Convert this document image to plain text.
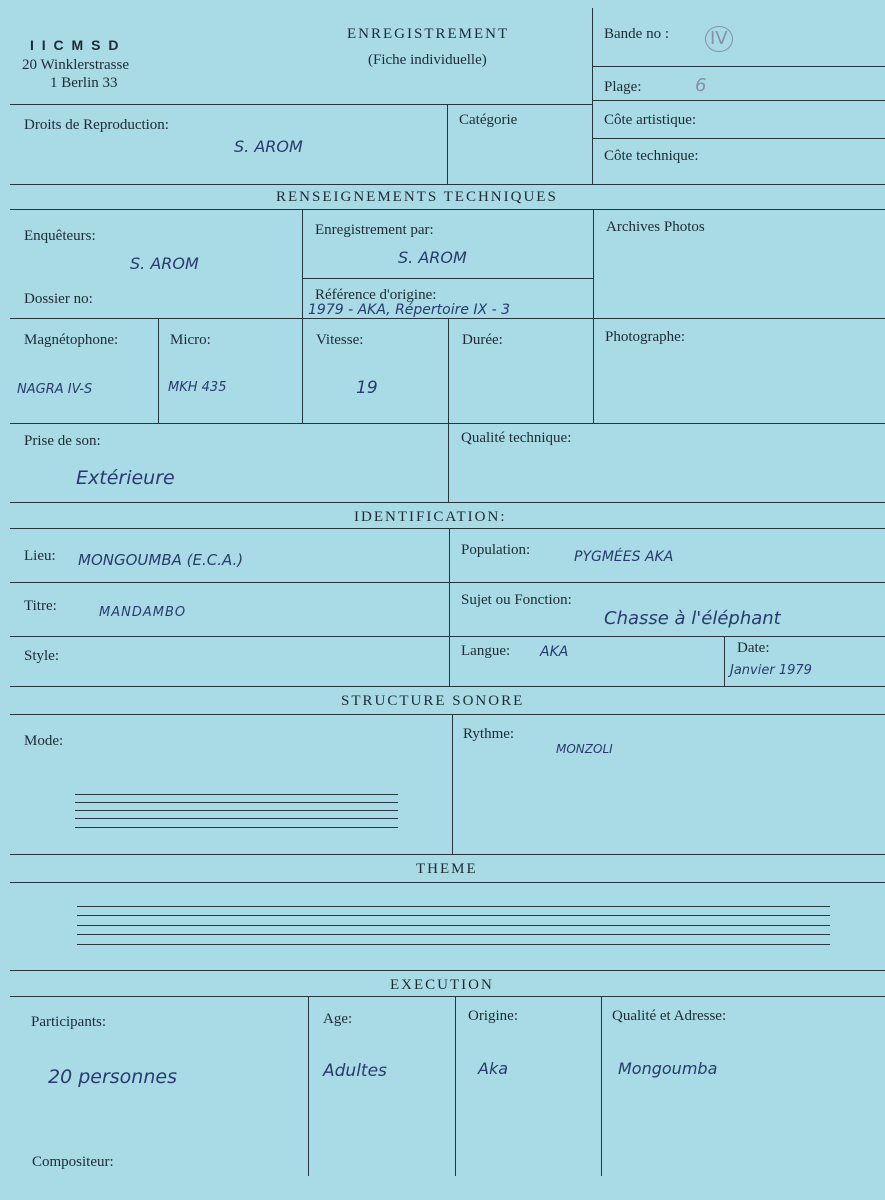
I I C M S D
20 Winklerstrasse
1 Berlin 33
ENREGISTREMENT
(Fiche individuelle)
Bande no : IV
Plage:	6
Droits de Reproduction:
S. AROM
Catégorie	Côte artistique:
Côte technique:
RENSEIGNEMENTS TECHNIQUES
Enquêteurs:
S. AROM
Enregistrement par:
S. AROM
Archives Photos
Dossier no:	Référence d'origine:
1979 - AKA, Répertoire IX - 3
Magnétophone:
NAGRA IV-S
Micro:
MKH 435
Vitesse:
19
Durée:	Photographe:
Prise de son:
Extérieure
Qualité technique:
IDENTIFICATION:
Lieu: MONGOUMBA (E.C.A.)
Population:	PYGMÉES AKA
Titre:	MANDAMBO
Sujet ou Fonction:
Chasse à l'éléphant
Style:	Langue: AKA	Date:
Janvier 1979
STRUCTURE SONORE
Mode:	Rythme:
MONZOLI
THEME
EXECUTION
Participants:
20 personnes
Age:
Adultes
Origine:
Aka
Qualité et Adresse:
Mongoumba
Compositeur:
